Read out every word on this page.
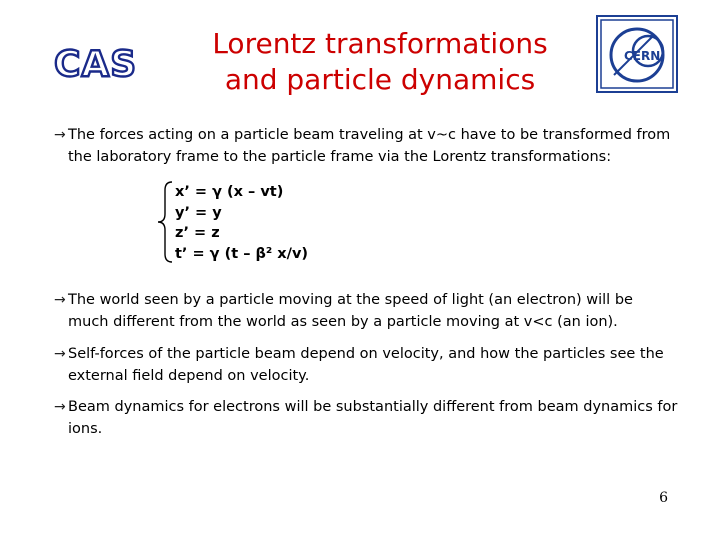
CAS
Lorentz transformations
and particle dynamics
CERN
→ The forces acting on a particle beam traveling at v~c have to be transformed from the laboratory frame to the particle frame via the Lorentz transformations:
x’ = γ (x – vt)
y’ = y
z’ = z
t’ = γ (t – β² x/v)
→ The world seen by a particle moving at the speed of light (an electron) will be much different from the world as seen by a particle moving at v<c (an ion).
→ Self-forces of the particle beam depend on velocity, and how the particles see the external field depend on velocity.
→ Beam dynamics for electrons will be substantially different from beam dynamics for ions.
6
